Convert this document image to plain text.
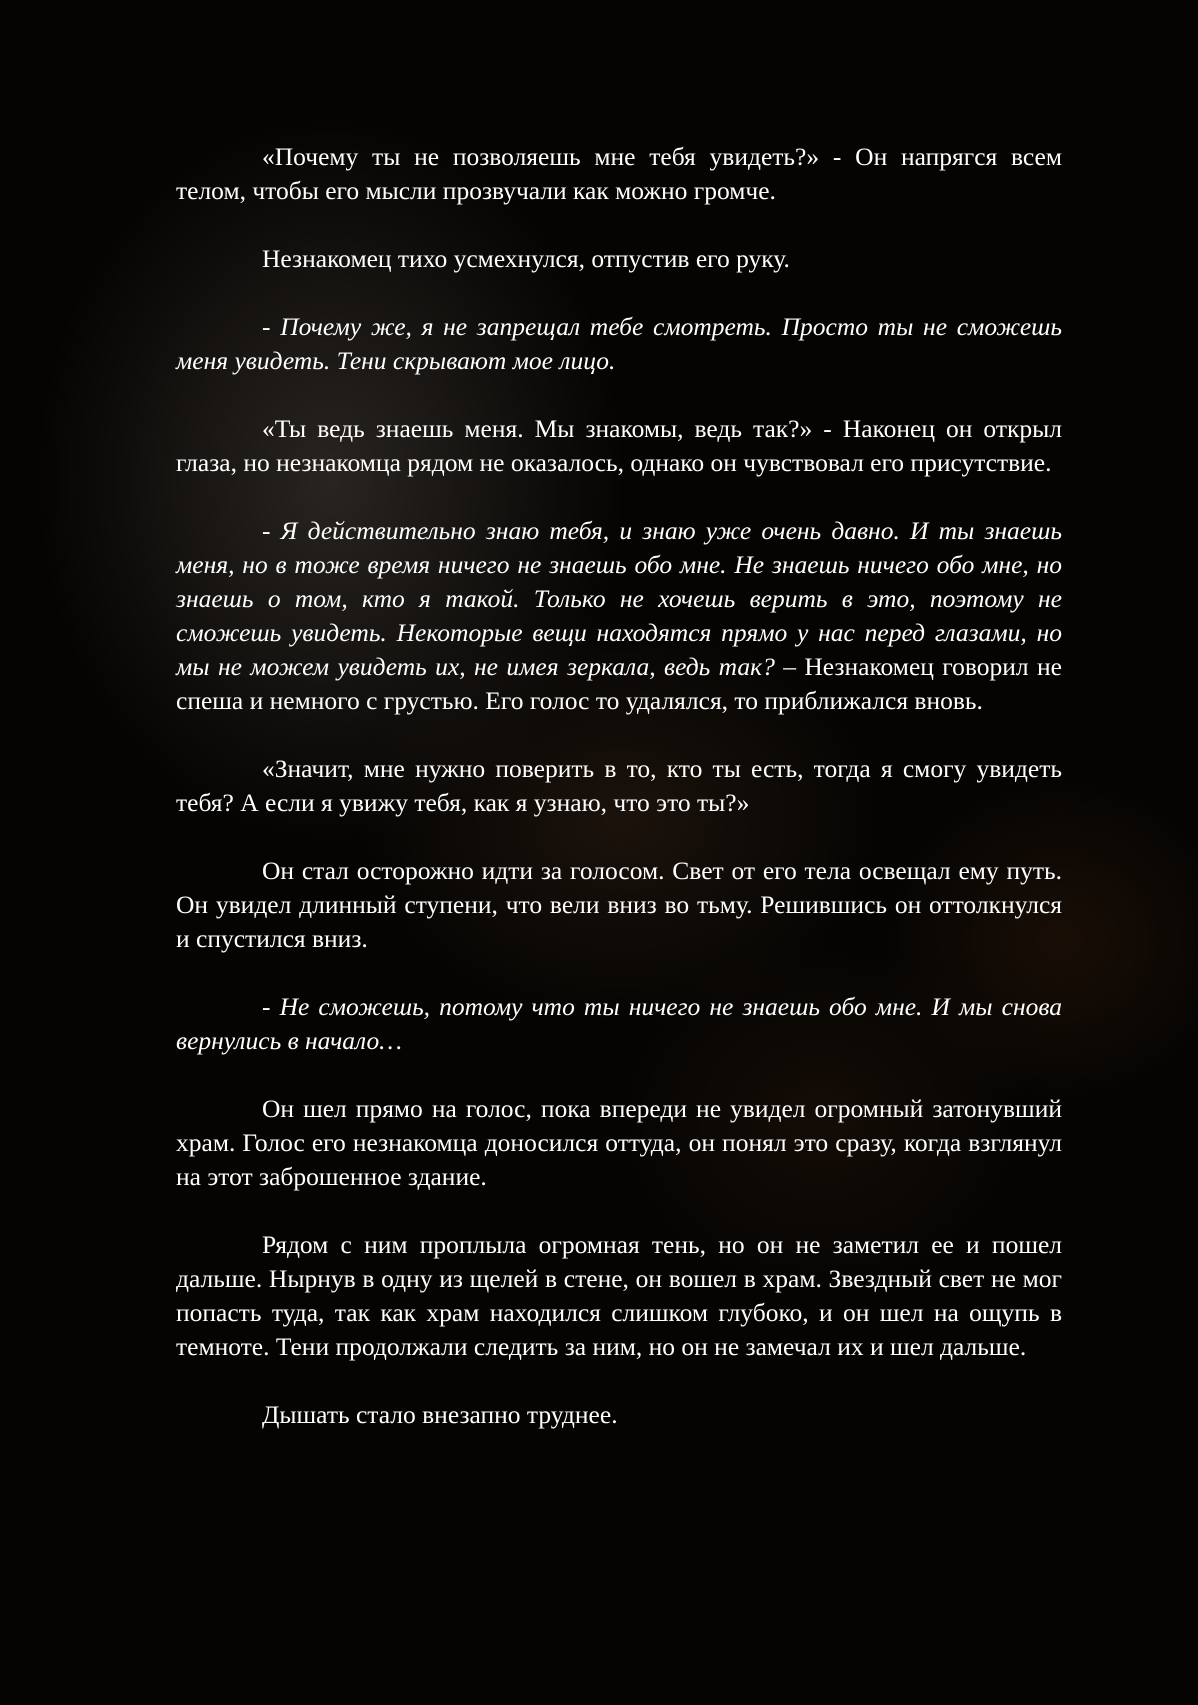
«Почему ты не позволяешь мне тебя увидеть?» - Он напрягся всем телом, чтобы его мысли прозвучали как можно громче.

Незнакомец тихо усмехнулся, отпустив его руку.

- Почему же, я не запрещал тебе смотреть. Просто ты не сможешь меня увидеть. Тени скрывают мое лицо.

«Ты ведь знаешь меня. Мы знакомы, ведь так?» - Наконец он открыл глаза, но незнакомца рядом не оказалось, однако он чувствовал его присутствие.

- Я действительно знаю тебя, и знаю уже очень давно. И ты знаешь меня, но в тоже время ничего не знаешь обо мне. Не знаешь ничего обо мне, но знаешь о том, кто я такой. Только не хочешь верить в это, поэтому не сможешь увидеть. Некоторые вещи находятся прямо у нас перед глазами, но мы не можем увидеть их, не имея зеркала, ведь так? – Незнакомец говорил не спеша и немного с грустью. Его голос то удалялся, то приближался вновь.

«Значит, мне нужно поверить в то, кто ты есть, тогда я смогу увидеть тебя? А если я увижу тебя, как я узнаю, что это ты?»

Он стал осторожно идти за голосом. Свет от его тела освещал ему путь. Он увидел длинный ступени, что вели вниз во тьму. Решившись он оттолкнулся и спустился вниз.

- Не сможешь, потому что ты ничего не знаешь обо мне. И мы снова вернулись в начало…

Он шел прямо на голос, пока впереди не увидел огромный затонувший храм. Голос его незнакомца доносился оттуда, он понял это сразу, когда взглянул на этот заброшенное здание.

Рядом с ним проплыла огромная тень, но он не заметил ее и пошел дальше. Нырнув в одну из щелей в стене, он вошел в храм. Звездный свет не мог попасть туда, так как храм находился слишком глубоко, и он шел на ощупь в темноте. Тени продолжали следить за ним, но он не замечал их и шел дальше.

Дышать стало внезапно труднее.
